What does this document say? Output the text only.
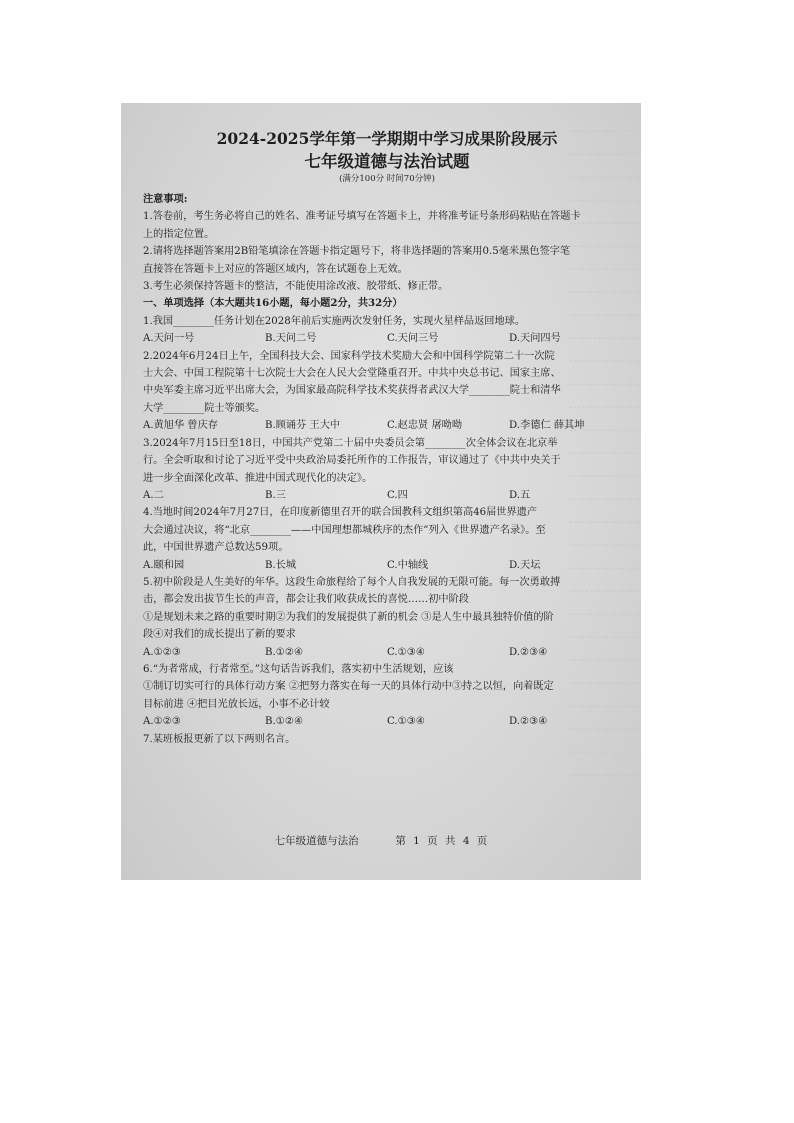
………………
………………
………………
………………
………………
………………
………………
………………
………………
………………
………………
………………
………………
………………
………………
………………
………………
………………
………………
………………
………………
………………
………………
………………
………………
………………
………………
………………
………………

2024-2025学年第一学期期中学习成果阶段展示

七年级道德与法治试题

(满分100分 时间70分钟)

注意事项:
1.答卷前，考生务必将自己的姓名、准考证号填写在答题卡上，并将准考证号条形码粘贴在答题卡
上的指定位置。
2.请将选择题答案用2B铅笔填涂在答题卡指定题号下，将非选择题的答案用0.5毫米黑色签字笔
直接答在答题卡上对应的答题区域内，答在试题卷上无效。
3.考生必须保持答题卡的整洁，不能使用涂改液、胶带纸、修正带。
一、单项选择（本大题共16小题，每小题2分，共32分）
1.我国________任务计划在2028年前后实施两次发射任务，实现火星样品返回地球。
A.天问一号	B.天问二号	C.天问三号	D.天问四号
2.2024年6月24日上午，全国科技大会、国家科学技术奖励大会和中国科学院第二十一次院
士大会、中国工程院第十七次院士大会在人民大会堂隆重召开。中共中央总书记、国家主席、
中央军委主席习近平出席大会，为国家最高院科学技术奖获得者武汉大学________院士和清华
大学________院士等颁奖。
A.黄旭华 曾庆存	B.顾诵芬 王大中	C.赵忠贤 屠呦呦	D.李德仁 薛其坤
3.2024年7月15日至18日，中国共产党第二十届中央委员会第________次全体会议在北京举
行。全会听取和讨论了习近平受中央政治局委托所作的工作报告，审议通过了《中共中央关于
进一步全面深化改革、推进中国式现代化的决定》。
A.二	B.三	C.四	D.五
4.当地时间2024年7月27日，在印度新德里召开的联合国教科文组织第高46届世界遗产
大会通过决议，将“北京________——中国理想都城秩序的杰作”列入《世界遗产名录》。至
此，中国世界遗产总数达59项。
A.颐和园	B.长城	C.中轴线	D.天坛
5.初中阶段是人生美好的年华。这段生命旅程给了每个人自我发展的无限可能。每一次勇敢搏
击，都会发出拔节生长的声音，都会让我们收获成长的喜悦……初中阶段
①是规划未来之路的重要时期②为我们的发展提供了新的机会 ③是人生中最具独特价值的阶
段④对我们的成长提出了新的要求
A.①②③	B.①②④	C.①③④	D.②③④
6.“为者常成，行者常至。”这句话告诉我们，落实初中生活规划，应该
①制订切实可行的具体行动方案 ②把努力落实在每一天的具体行动中③持之以恒，向着既定
目标前进 ④把目光放长远，小事不必计较
A.①②③	B.①②④	C.①③④	D.②③④
7.某班板报更新了以下两则名言。
七年级道德与法治	第 1 页 共 4 页
